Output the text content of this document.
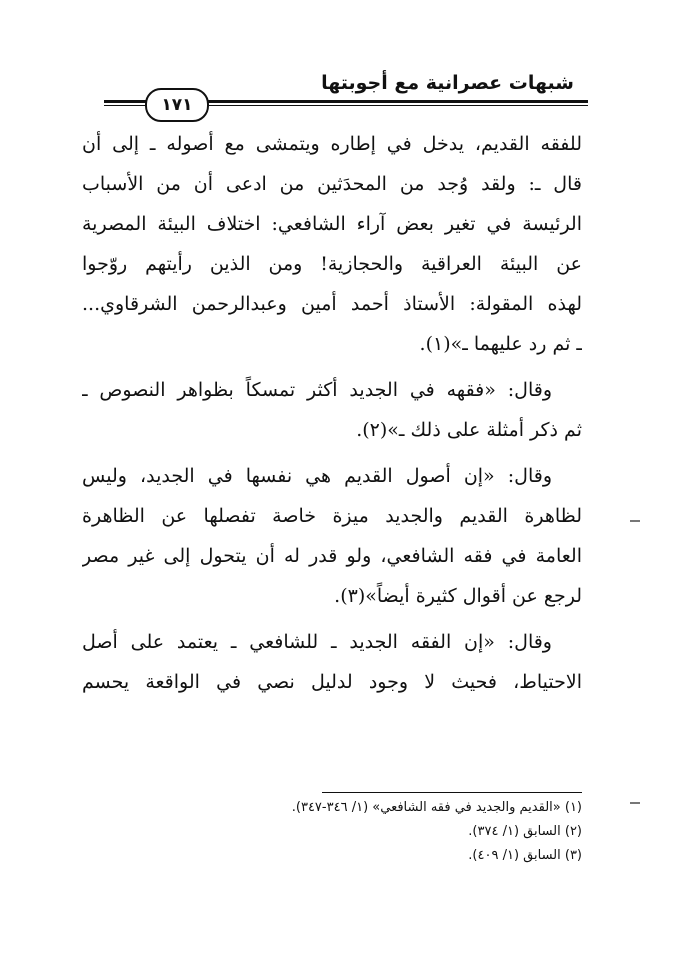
شبهات عصرانية مع أجوبتها
١٧١
للفقه القديم، يدخل في إطاره ويتمشى مع أصوله ـ إلى أن
قال ـ: ولقد وُجد من المحدَثين من ادعى أن من الأسباب
الرئيسة في تغير بعض آراء الشافعي: اختلاف البيئة المصرية
عن البيئة العراقية والحجازية! ومن الذين رأيتهم روّجوا
لهذه المقولة: الأستاذ أحمد أمين وعبدالرحمن الشرقاوي...
ـ ثم رد عليهما ـ»(١).
وقال: «فقهه في الجديد أكثر تمسكاً بظواهر النصوص ـ
ثم ذكر أمثلة على ذلك ـ»(٢).
وقال: «إن أصول القديم هي نفسها في الجديد، وليس
لظاهرة القديم والجديد ميزة خاصة تفصلها عن الظاهرة
العامة في فقه الشافعي، ولو قدر له أن يتحول إلى غير مصر
لرجع عن أقوال كثيرة أيضاً»(٣).
وقال: «إن الفقه الجديد ـ للشافعي ـ يعتمد على أصل
الاحتياط، فحيث لا وجود لدليل نصي في الواقعة يحسم
(١) «القديم والجديد في فقه الشافعي» (١/ ٣٤٦-٣٤٧).
(٢) السابق (١/ ٣٧٤).
(٣) السابق (١/ ٤٠٩).
